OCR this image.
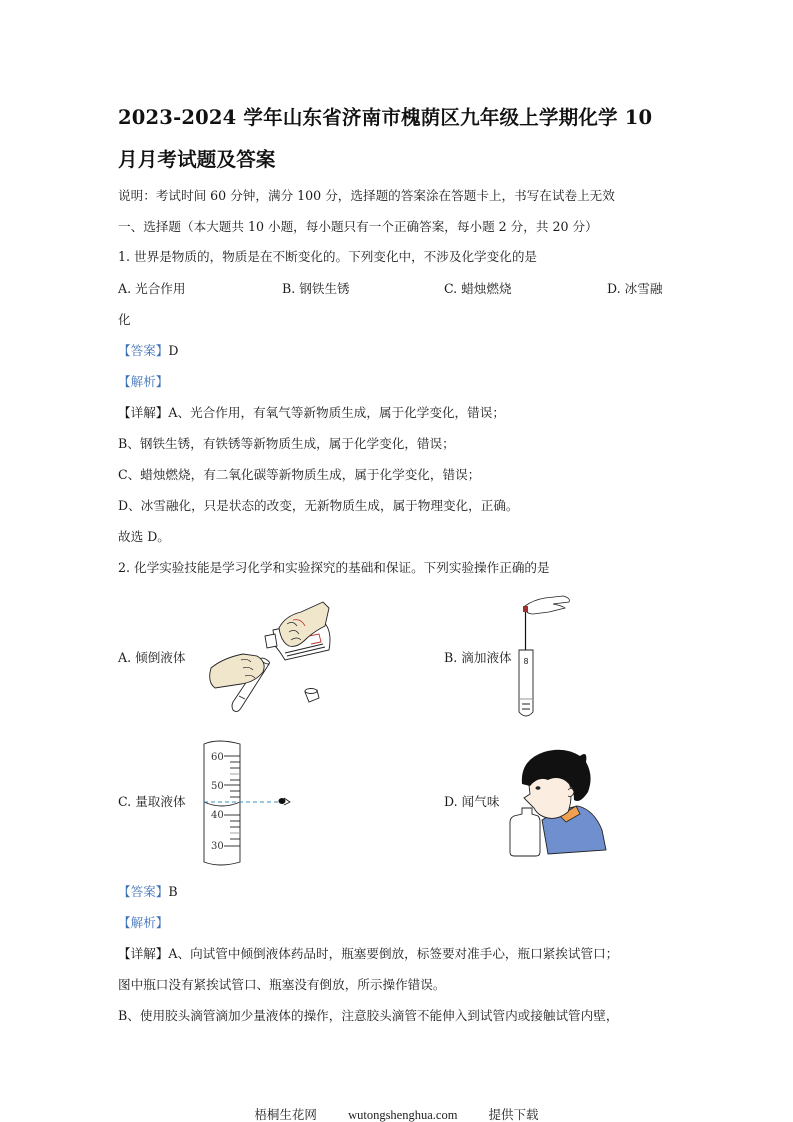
2023-2024 学年山东省济南市槐荫区九年级上学期化学 10
月月考试题及答案
说明：考试时间 60 分钟，满分 100 分，选择题的答案涂在答题卡上，书写在试卷上无效
一、选择题（本大题共 10 小题，每小题只有一个正确答案，每小题 2 分，共 20 分）
1. 世界是物质的，物质是在不断变化的。下列变化中，不涉及化学变化的是
A. 光合作用	B. 钢铁生锈	C. 蜡烛燃烧	D. 冰雪融
化
【答案】D
【解析】
【详解】A、光合作用，有氧气等新物质生成，属于化学变化，错误；
B、钢铁生锈，有铁锈等新物质生成，属于化学变化，错误；
C、蜡烛燃烧，有二氧化碳等新物质生成，属于化学变化，错误；
D、冰雪融化，只是状态的改变，无新物质生成，属于物理变化，正确。
故选 D。
2. 化学实验技能是学习化学和实验探究的基础和保证。下列实验操作正确的是
A. 倾倒液体	B. 滴加液体 8
C. 量取液体
60
50
40
30
D. 闻气味
【答案】B
【解析】
【详解】A、向试管中倾倒液体药品时，瓶塞要倒放，标签要对准手心，瓶口紧挨试管口；
图中瓶口没有紧挨试管口、瓶塞没有倒放，所示操作错误。
B、使用胶头滴管滴加少量液体的操作，注意胶头滴管不能伸入到试管内或接触试管内壁，
梧桐生花网 wutongshenghua.com 提供下载
